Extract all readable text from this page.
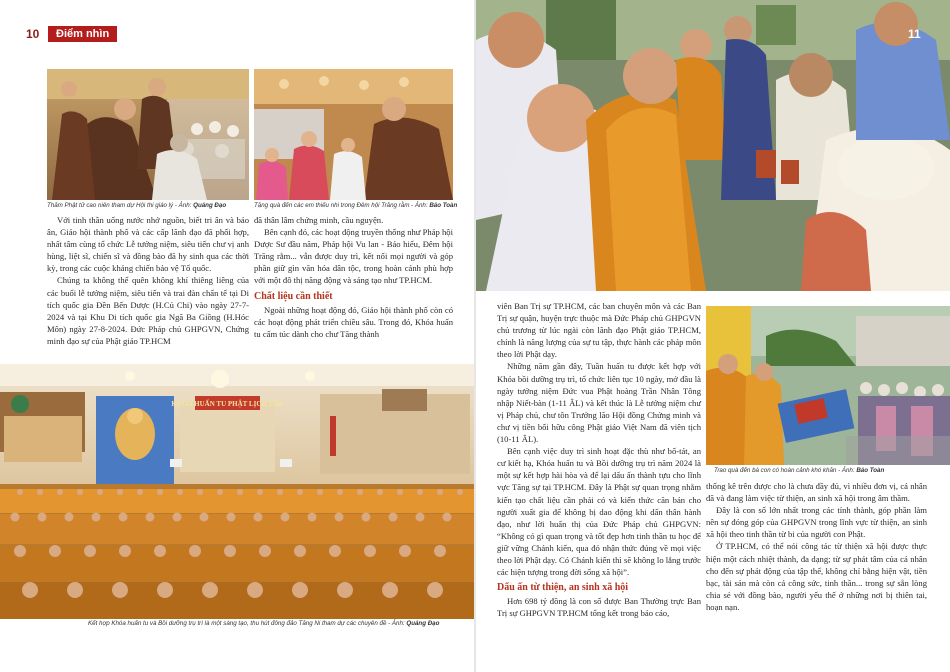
10	Điểm nhìn
Thăm Phật tử cao niên tham dự Hội thi giáo lý - Ảnh: Quảng Đạo	Tặng quà đến các em thiếu nhi trong Đêm hội Trăng rằm - Ảnh: Bảo Toàn

Với tinh thần uống nước nhớ nguồn, biết tri ân và báo ân, Giáo hội thành phố và các cấp lãnh đạo đã phối hợp, nhất tâm cùng tổ chức Lễ tưởng niệm, siêu tiến chư vị anh hùng, liệt sĩ, chiến sĩ và đồng bào đã hy sinh qua các thời kỳ, trong các cuộc kháng chiến bảo vệ Tổ quốc.

Chúng ta không thể quên không khí thiêng liêng của các buổi lễ tưởng niệm, siêu tiến và trai đàn chẩn tế tại Di tích quốc gia Đền Bến Dược (H.Củ Chi) vào ngày 27-7-2024 và tại Khu Di tích quốc gia Ngã Ba Giồng (H.Hóc Môn) ngày 27-8-2024. Đức Pháp chủ GHPGVN, Chứng minh đạo sự của Phật giáo TP.HCM

đã thân lâm chứng minh, cầu nguyện.

Bên cạnh đó, các hoạt động truyền thống như Pháp hội Dược Sư đầu năm, Pháp hội Vu lan - Báo hiếu, Đêm hội Trăng rằm... vẫn được duy trì, kết nối mọi người và góp phần giữ gìn văn hóa dân tộc, trong hoàn cảnh phù hợp với một đô thị năng động và sáng tạo như TP.HCM.

Chất liệu cần thiết

Ngoài những hoạt động đó, Giáo hội thành phố còn có các hoạt động phát triển chiều sâu. Trong đó, Khóa huấn tu cấm túc dành cho chư Tăng thành

KHÓA HUẤN TU PHẬT LỊCH 2568
Kết hợp Khóa huấn tu và Bồi dưỡng trụ trì là một sáng tạo, thu hút đông đảo Tăng Ni tham dự các chuyên đề - Ảnh: Quảng Đạo
11

viên Ban Trị sự TP.HCM, các ban chuyên môn và các Ban Trị sự quận, huyện trực thuộc mà Đức Pháp chủ GHPGVN chủ trương từ lúc ngài còn lãnh đạo Phật giáo TP.HCM, chính là năng lượng của sự tu tập, thực hành các pháp môn theo lời Phật dạy.

Những năm gần đây, Tuần huấn tu được kết hợp với Khóa bồi dưỡng trụ trì, tổ chức liên tục 10 ngày, mở đầu là ngày tưởng niệm Đức vua Phật hoàng Trần Nhân Tông nhập Niết-bàn (1-11 ÂL) và kết thúc là Lễ tưởng niệm chư vị Pháp chủ, chư tôn Trưởng lão Hội đồng Chứng minh và chư vị tiền bối hữu công Phật giáo Việt Nam đã viên tịch (10-11 ÂL).

Bên cạnh việc duy trì sinh hoạt đặc thù như bố-tát, an cư kiết hạ, Khóa huấn tu và Bồi dưỡng trụ trì năm 2024 là một sự kết hợp hài hòa và để lại dấu ấn thành tựu cho lĩnh vực Tăng sự tại TP.HCM. Đây là Phật sự quan trọng nhằm kiến tạo chất liệu cần phải có và kiến thức căn bản cho người xuất gia để không bị dao động khi dấn thân hành đạo, như lời huấn thị của Đức Pháp chủ GHPGVN: “Không có gì quan trọng và tốt đẹp hơn tinh thần tu học để giữ vững Chánh kiến, qua đó nhận thức đúng về mọi việc theo lời Phật dạy. Có Chánh kiến thì sẽ không lo lắng trước các hiện tượng trong đời sống xã hội”.

Dấu ấn từ thiện, an sinh xã hội

Hơn 698 tỷ đồng là con số được Ban Thường trực Ban Trị sự GHPGVN TP.HCM tổng kết trong báo cáo,

Trao quà đến bà con có hoàn cảnh khó khăn - Ảnh: Bảo Toàn

thống kê trên được cho là chưa đầy đủ, vì nhiều đơn vị, cá nhân đã và đang làm việc từ thiện, an sinh xã hội trong âm thầm.

Đây là con số lớn nhất trong các tỉnh thành, góp phần làm nên sự đóng góp của GHPGVN trong lĩnh vực từ thiện, an sinh xã hội theo tinh thần từ bi của người con Phật.

Ở TP.HCM, có thể nói công tác từ thiện xã hội được thực hiện một cách nhiệt thành, đa dạng; từ sự phát tâm của cá nhân cho đến sự phát động của tập thể, không chỉ bằng hiện vật, tiền bạc, tài sản mà còn cả công sức, tinh thần... trong sự sẵn lòng chia sẻ với đồng bào, người yếu thế ở những nơi bị thiên tai, hoạn nạn.
